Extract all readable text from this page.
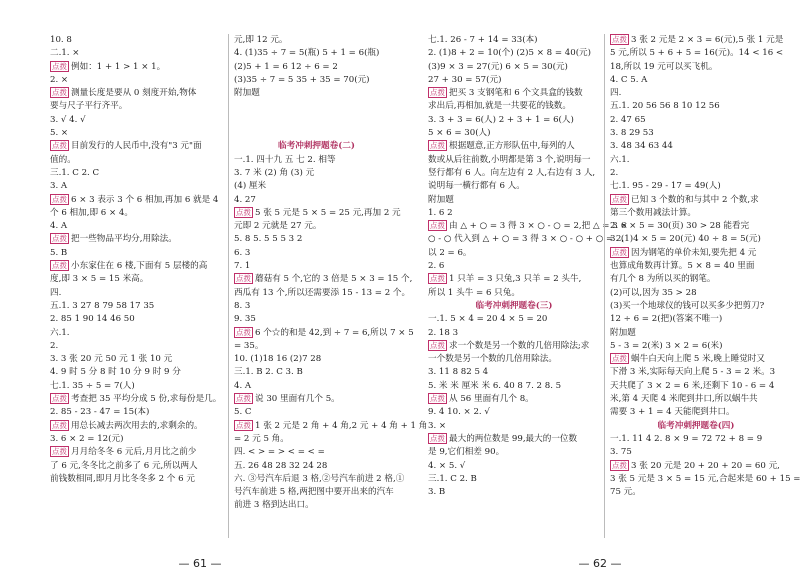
10. 8
二.1. ×
点拨 例如：1 + 1 > 1 × 1。
2. ×
点拨 测量长度是要从 0 刻度开始,物体
要与尺子平行齐平。
3. √ 4. √
5. ×
点拨 目前发行的人民币中,没有"3 元"面
值的。
三.1. C 2. C
3. A
点拨 6 × 3 表示 3 个 6 相加,再加 6 就是 4
个 6 相加,即 6 × 4。
4. A
点拨 把一些物品平均分,用除法。
5. B
点拨 小东家住在 6 楼,下面有 5 层楼的高
度,即 3 × 5 = 15 米高。
四.
五.1. 3 27 8 79 58 17 35
2. 85 1 90 14 46 50
六.1.
2.
3. 3 张 20 元 50 元 1 张 10 元
4. 9 时 5 分 8 时 10 分 9 时 9 分
七.1. 35 ÷ 5 = 7(人)
点拨 考查把 35 平均分成 5 份,求每份是几。
2. 85 - 23 - 47 = 15(本)
点拨 用总长减去两次用去的,求剩余的。
3. 6 × 2 = 12(元)
点拨 月月给冬冬 6 元后,月月比之前少
了 6 元,冬冬比之前多了 6 元,所以两人
前钱数相同,即月月比冬冬多 2 个 6 元
元,即 12 元。
4. (1)35 ÷ 7 = 5(瓶) 5 + 1 = 6(瓶)
(2)5 + 1 = 6 12 ÷ 6 = 2
(3)35 ÷ 7 = 5 35 + 35 = 70(元)
附加题

临考冲刺押题卷(二)
一.1. 四十九 五 七 2. 相等
3. 7 米 (2) 角 (3) 元
(4) 厘米
4. 27
点拨 5 张 5 元是 5 × 5 = 25 元,再加 2 元
元即 2 元就是 27 元。
5. 8 5. 5 5 5 3 2
6. 3
7. 1
点拨 蘑菇有 5 个,它的 3 倍是 5 × 3 = 15 个,
西瓜有 13 个,所以还需要添 15 - 13 = 2 个。
8. 3
9. 35
点拨 6 个☆的和是 42,到 ÷ 7 = 6,所以 7 × 5
= 35。
10. (1)18 16 (2)7 28
三.1. B 2. C 3. B
4. A
点拨 说 30 里面有几个 5。
5. C
点拨 1 张 2 元是 2 角 + 4 角,2 元 + 4 角 + 1 角
= 2 元 5 角。
四. < > = > < = < =
五. 26 48 28 32 24 28
六. ③号汽车后退 3 格,②号汽车前进 2 格,①
号汽车前进 5 格,两把图中要开出来的汽车
前进 3 格到达出口。
— 61 —
七.1. 26 - 7 + 14 = 33(本)
2. (1)8 + 2 = 10(个) (2)5 × 8 = 40(元)
(3)9 × 3 = 27(元) 6 × 5 = 30(元)
27 + 30 = 57(元)
点拨 把买 3 支钢笔和 6 个文具盒的钱数
求出后,再相加,就是一共要花的钱数。
3. 3 + 3 = 6(人) 2 + 3 + 1 = 6(人)
5 × 6 = 30(人)
点拨 根据题意,正方形队伍中,每列的人
数或从后往前数,小明都是第 3 个,说明每一
竖行都有 6 人。向左边有 2 人,右边有 3 人,
说明每一横行都有 6 人。
附加题
1. 6 2
点拨 由 △ + ○ = 3 得 3 × ○ - ○ = 2,把 △ = 3 ×
○ - ○ 代入到 △ + ○ = 3 得 3 × ○ - ○ + ○ = 2,
以 2 = 6。
2. 6
点拨 1 只羊 = 3 只兔,3 只羊 = 2 头牛,
所以 1 头牛 = 6 只兔。
临考冲刺押题卷(三)
一.1. 5 × 4 = 20 4 × 5 = 20
2. 18 3
点拨 求一个数是另一个数的几倍用除法;求
一个数是另一个数的几倍用除法。
3. 11 8 82 5 4
5. 米 米 厘米 米 6. 40 8 7. 2 8. 5
点拨 从 56 里面有几个 8。
9. 4 10. × 2. √
3. ×
点拨 最大的两位数是 99,最大的一位数
是 9,它们相差 90。
4. × 5. √
三.1. C 2. B
3. B
点拨 3 张 2 元是 2 × 3 = 6(元),5 张 1 元是
5 元,所以 5 + 6 + 5 = 16(元)。14 < 16 <
18,所以 19 元可以买飞机。
4. C 5. A
四.
五.1. 20 56 56 8 10 12 56
2. 47 65
3. 8 29 53
3. 48 34 63 44
六.1.
2.
七.1. 95 - 29 - 17 = 49(人)
点拨 已知 3 个数的和与其中 2 个数,求
第三个数用减法计算。
2. 6 × 5 = 30(页) 30 > 28 能看完
3. (1)4 × 5 = 20(元) 40 ÷ 8 = 5(元)
点拨 因为钢笔的单价未知,要先把 4 元
也算成角数再计算。5 × 8 = 40 里面
有几个 8 为所以买的钢笔。
(2)可以,因为 35 > 28
(3)买一个地球仪的钱可以买多少把剪刀?
12 ÷ 6 = 2(把)(答案不唯一)
附加题
5 - 3 = 2(米) 3 × 2 = 6(米)
点拨 蜗牛白天向上爬 5 米,晚上睡觉时又
下滑 3 米,实际每天向上爬 5 - 3 = 2 米。3
天共爬了 3 × 2 = 6 米,还剩下 10 - 6 = 4
米,第 4 天爬 4 米爬到井口,所以蜗牛共
需要 3 + 1 = 4 天能爬到井口。
临考冲刺押题卷(四)
一.1. 11 4 2. 8 × 9 = 72 72 + 8 = 9
3. 75
点拨 3 张 20 元是 20 + 20 + 20 = 60 元,
3 张 5 元是 3 × 5 = 15 元,合起来是 60 + 15 =
75 元。
— 62 —
